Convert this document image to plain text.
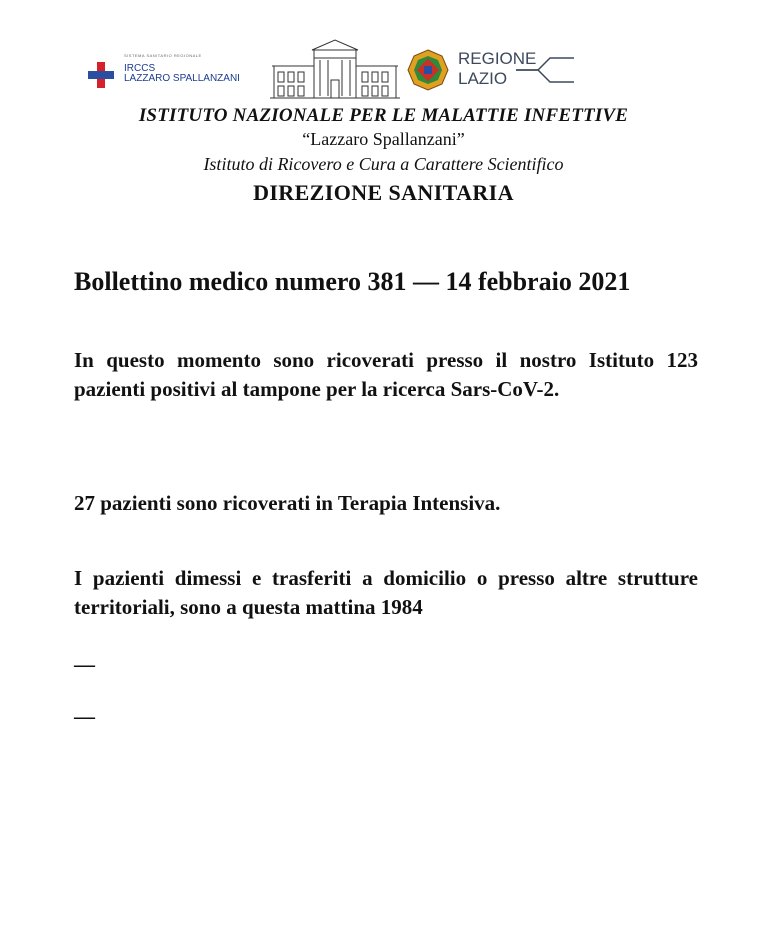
SISTEMA SANITARIO REGIONALE
IRCCS
LAZZARO SPALLANZANI
REGIONE
LAZIO
ISTITUTO NAZIONALE PER LE MALATTIE INFETTIVE
“Lazzaro Spallanzani”
Istituto di Ricovero e Cura a Carattere Scientifico
DIREZIONE SANITARIA
Bollettino medico numero 381 — 14 febbraio 2021
In questo momento sono ricoverati presso il nostro Istituto 123 pazienti positivi al tampone per la ricerca Sars-CoV-2.
27 pazienti sono ricoverati in Terapia Intensiva.
I pazienti dimessi e trasferiti a domicilio o presso altre strutture territoriali, sono a questa mattina 1984
—
—
